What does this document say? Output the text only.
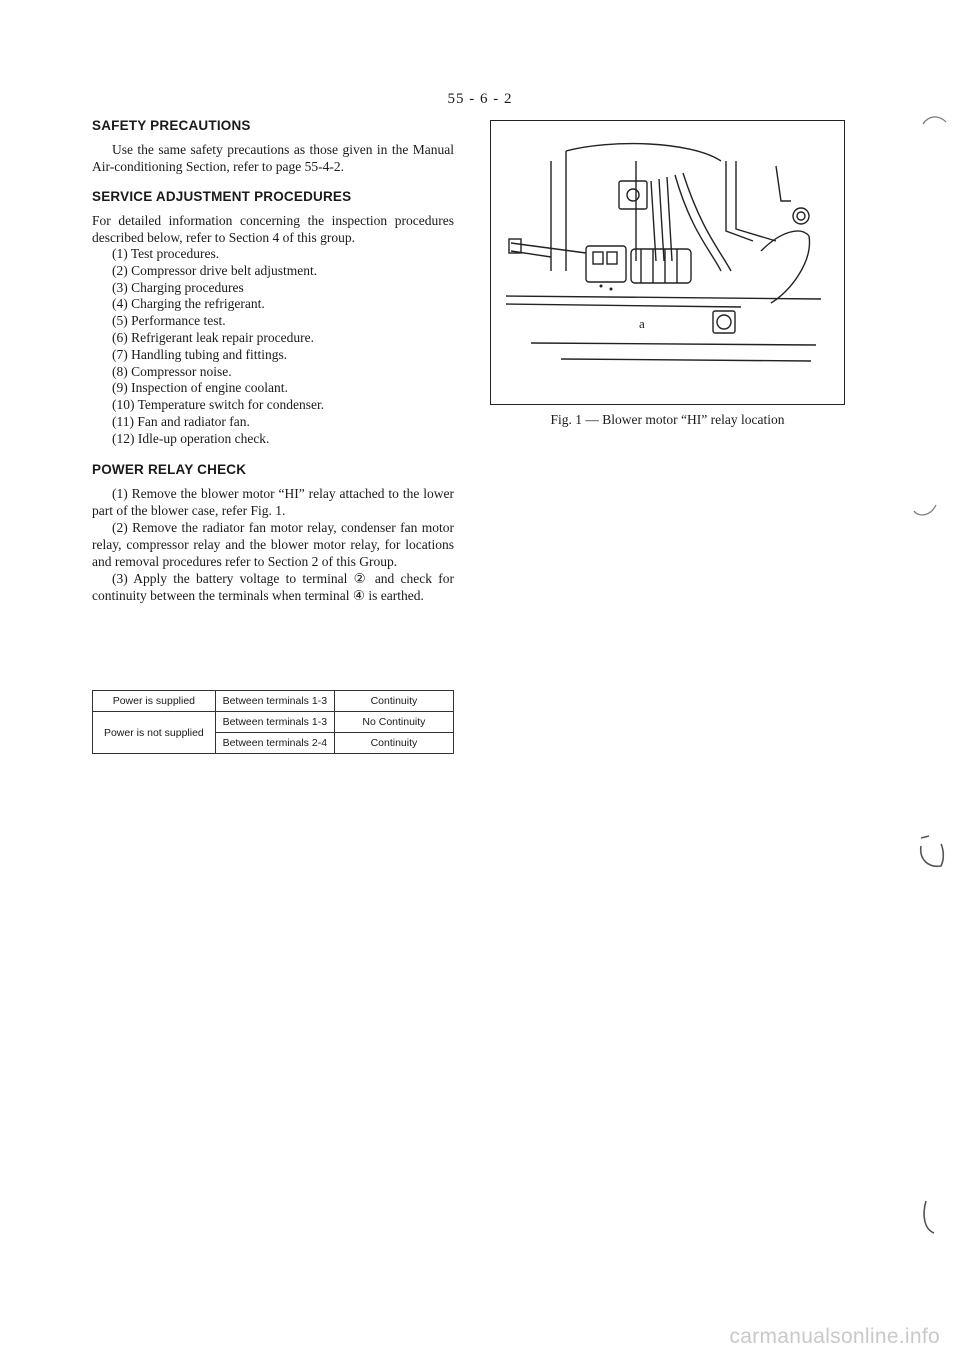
55 - 6 - 2
SAFETY PRECAUTIONS

Use the same safety precautions as those given in the Manual Air-conditioning Section, refer to page 55-4-2.

SERVICE ADJUSTMENT PROCEDURES

For detailed information concerning the inspection procedures described below, refer to Section 4 of this group.

(1) Test procedures.
(2) Compressor drive belt adjustment.
(3) Charging procedures
(4) Charging the refrigerant.
(5) Performance test.
(6) Refrigerant leak repair procedure.
(7) Handling tubing and fittings.
(8) Compressor noise.
(9) Inspection of engine coolant.
(10) Temperature switch for condenser.
(11) Fan and radiator fan.
(12) Idle-up operation check.
POWER RELAY CHECK

(1) Remove the blower motor “HI” relay attached to the lower part of the blower case, refer Fig. 1.

(2) Remove the radiator fan motor relay, condenser fan motor relay, compressor relay and the blower motor relay, for locations and removal procedures refer to Section 2 of this Group.

(3) Apply the battery voltage to terminal ② and check for continuity between the terminals when terminal ④ is earthed.

Power is supplied	Between terminals 1-3	Continuity
Power is not supplied	Between terminals 1-3	No Continuity
	Between terminals 2-4	Continuity
a
Fig. 1 — Blower motor “HI” relay location
carmanualsonline.info
